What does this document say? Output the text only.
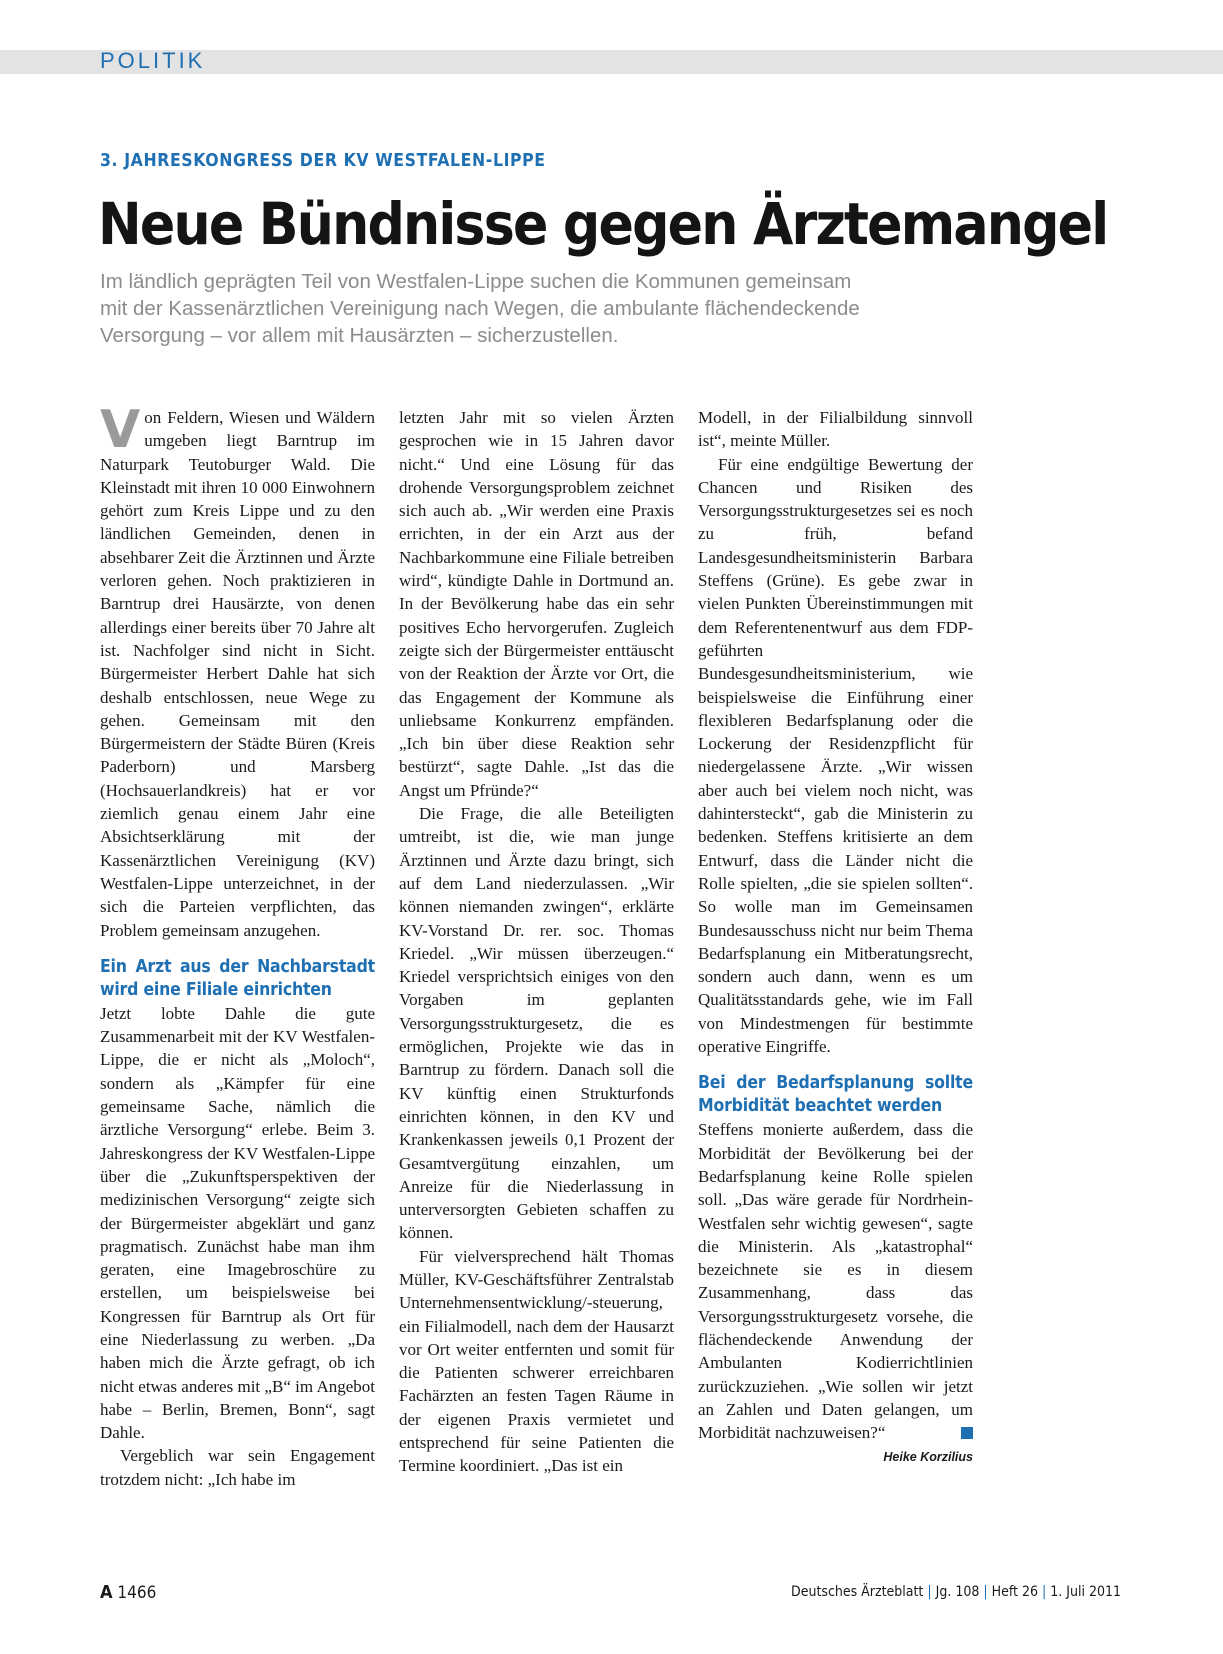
POLITIK
3. JAHRESKONGRESS DER KV WESTFALEN-LIPPE
Neue Bündnisse gegen Ärztemangel

Im ländlich geprägten Teil von Westfalen-Lippe suchen die Kommunen gemeinsam

mit der Kassenärztlichen Vereinigung nach Wegen, die ambulante flächendeckende

Versorgung – vor allem mit Hausärzten – sicherzustellen.

Von Feldern, Wiesen und Wäldern umgeben liegt Barntrup im Naturpark Teutoburger Wald. Die Kleinstadt mit ihren 10 000 Einwohnern gehört zum Kreis Lippe und zu den ländlichen Gemeinden, denen in absehbarer Zeit die Ärztinnen und Ärzte verloren gehen. Noch praktizieren in Barntrup drei Hausärzte, von denen allerdings einer bereits über 70 Jahre alt ist. Nachfolger sind nicht in Sicht. Bürgermeister Herbert Dahle hat sich deshalb entschlossen, neue Wege zu gehen. Gemeinsam mit den Bürgermeistern der Städte Büren (Kreis Paderborn) und Marsberg (Hochsauerlandkreis) hat er vor ziemlich genau einem Jahr eine Absichtserklärung mit der Kassenärztlichen Vereinigung (KV) Westfalen-Lippe unterzeichnet, in der sich die Parteien verpflichten, das Problem gemeinsam anzugehen.

Ein Arzt aus der Nachbarstadt wird eine Filiale einrichten

Jetzt lobte Dahle die gute Zusammenarbeit mit der KV Westfalen-Lippe, die er nicht als „Moloch“, sondern als „Kämpfer für eine gemeinsame Sache, nämlich die ärztliche Versorgung“ erlebe. Beim 3. Jahreskongress der KV Westfalen-Lippe über die „Zukunftsperspektiven der medizinischen Versorgung“ zeigte sich der Bürgermeister abgeklärt und ganz pragmatisch. Zunächst habe man ihm geraten, eine Imagebroschüre zu erstellen, um beispielsweise bei Kongressen für Barntrup als Ort für eine Niederlassung zu werben. „Da haben mich die Ärzte gefragt, ob ich nicht etwas anderes mit „B“ im Angebot habe – Berlin, Bremen, Bonn“, sagt Dahle.

Vergeblich war sein Engagement trotzdem nicht: „Ich habe im

letzten Jahr mit so vielen Ärzten gesprochen wie in 15 Jahren davor nicht.“ Und eine Lösung für das drohende Versorgungsproblem zeichnet sich auch ab. „Wir werden eine Praxis errichten, in der ein Arzt aus der Nachbarkommune eine Filiale betreiben wird“, kündigte Dahle in Dortmund an. In der Bevölkerung habe das ein sehr positives Echo hervorgerufen. Zugleich zeigte sich der Bürgermeister enttäuscht von der Reaktion der Ärzte vor Ort, die das Engagement der Kommune als unliebsame Konkurrenz empfänden. „Ich bin über diese Reaktion sehr bestürzt“, sagte Dahle. „Ist das die Angst um Pfründe?“

Die Frage, die alle Beteiligten umtreibt, ist die, wie man junge Ärztinnen und Ärzte dazu bringt, sich auf dem Land niederzulassen. „Wir können niemanden zwingen“, erklärte KV-Vorstand Dr. rer. soc. Thomas Kriedel. „Wir müssen überzeugen.“ Kriedel versprichtsich einiges von den Vorgaben im geplanten Versorgungsstrukturgesetz, die es ermöglichen, Projekte wie das in Barntrup zu fördern. Danach soll die KV künftig einen Strukturfonds einrichten können, in den KV und Krankenkassen jeweils 0,1 Prozent der Gesamtvergütung einzahlen, um Anreize für die Niederlassung in unterversorgten Gebieten schaffen zu können.

Für vielversprechend hält Thomas Müller, KV-Geschäftsführer Zentralstab Unternehmensentwicklung/-steuerung, ein Filialmodell, nach dem der Hausarzt vor Ort weiter entfernten und somit für die Patienten schwerer erreichbaren Fachärzten an festen Tagen Räume in der eigenen Praxis vermietet und entsprechend für seine Patienten die Termine koordiniert. „Das ist ein

Modell, in der Filialbildung sinnvoll ist“, meinte Müller.

Für eine endgültige Bewertung der Chancen und Risiken des Versorgungsstrukturgesetzes sei es noch zu früh, befand Landesgesundheitsministerin Barbara Steffens (Grüne). Es gebe zwar in vielen Punkten Übereinstimmungen mit dem Referentenentwurf aus dem FDP-geführten Bundesgesundheitsministerium, wie beispielsweise die Einführung einer flexibleren Bedarfsplanung oder die Lockerung der Residenzpflicht für niedergelassene Ärzte. „Wir wissen aber auch bei vielem noch nicht, was dahintersteckt“, gab die Ministerin zu bedenken. Steffens kritisierte an dem Entwurf, dass die Länder nicht die Rolle spielten, „die sie spielen sollten“. So wolle man im Gemeinsamen Bundesausschuss nicht nur beim Thema Bedarfsplanung ein Mitberatungsrecht, sondern auch dann, wenn es um Qualitätsstandards gehe, wie im Fall von Mindestmengen für bestimmte operative Eingriffe.

Bei der Bedarfsplanung sollte Morbidität beachtet werden

Steffens monierte außerdem, dass die Morbidität der Bevölkerung bei der Bedarfsplanung keine Rolle spielen soll. „Das wäre gerade für Nordrhein-Westfalen sehr wichtig gewesen“, sagte die Ministerin. Als „katastrophal“ bezeichnete sie es in diesem Zusammenhang, dass das Versorgungsstrukturgesetz vorsehe, die flächendeckende Anwendung der Ambulanten Kodierrichtlinien zurückzuziehen. „Wie sollen wir jetzt an Zahlen und Daten gelangen, um Morbidität nachzuweisen?“

Heike Korzilius
A 1466	Deutsches Ärzteblatt | Jg. 108 | Heft 26 | 1. Juli 2011
